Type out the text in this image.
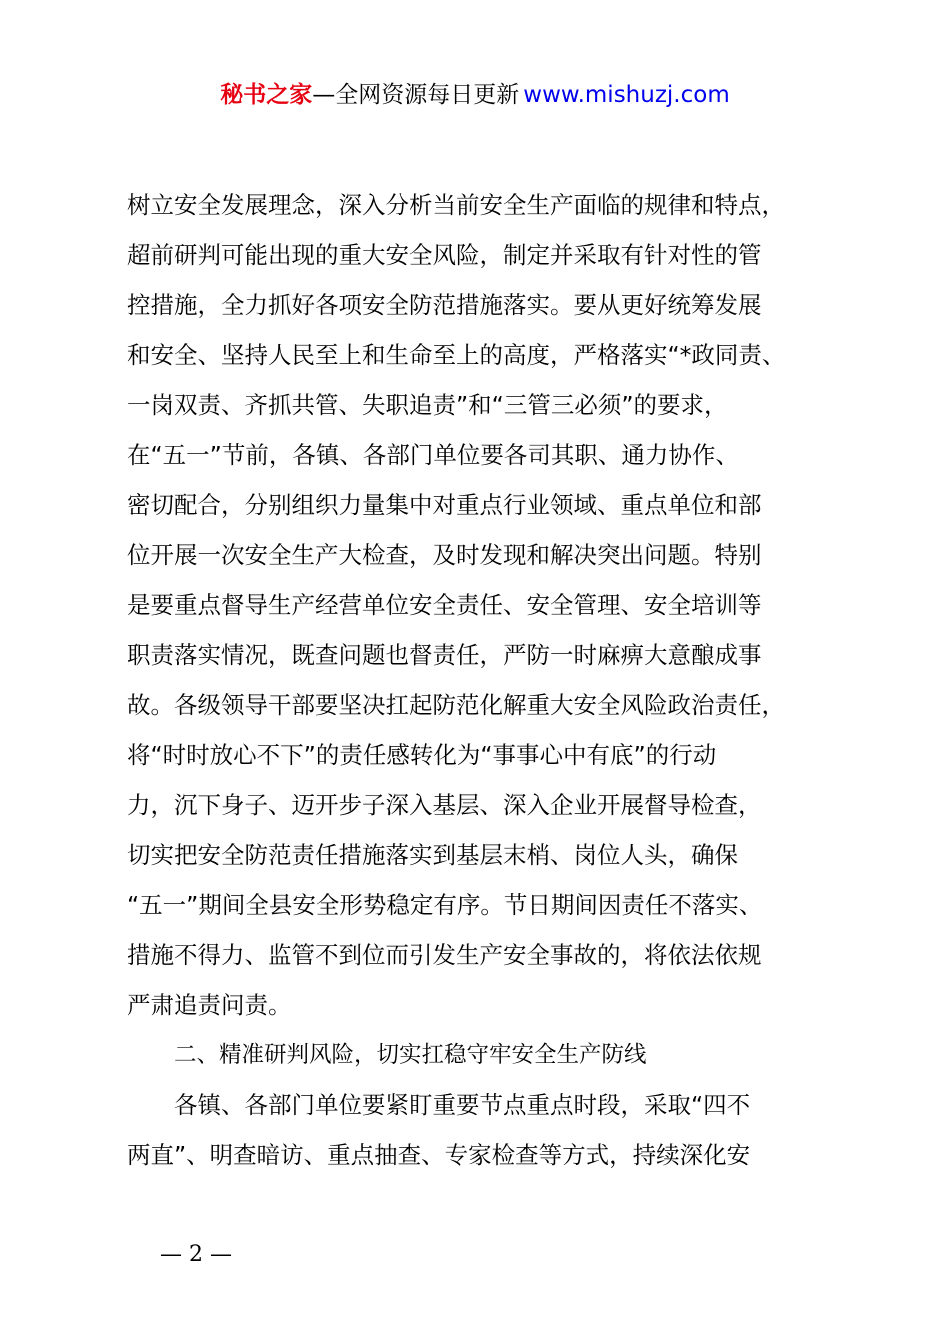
秘书之家—全网资源每日更新 www.mishuzj.com
树立安全发展理念，深入分析当前安全生产面临的规律和特点，
超前研判可能出现的重大安全风险，制定并采取有针对性的管
控措施，全力抓好各项安全防范措施落实。要从更好统筹发展
和安全、坚持人民至上和生命至上的高度，严格落实“*政同责、
一岗双责、齐抓共管、失职追责”和“三管三必须”的要求，
在“五一”节前，各镇、各部门单位要各司其职、通力协作、
密切配合，分别组织力量集中对重点行业领域、重点单位和部
位开展一次安全生产大检查，及时发现和解决突出问题。特别
是要重点督导生产经营单位安全责任、安全管理、安全培训等
职责落实情况，既查问题也督责任，严防一时麻痹大意酿成事
故。各级领导干部要坚决扛起防范化解重大安全风险政治责任，
将“时时放心不下”的责任感转化为“事事心中有底”的行动
力，沉下身子、迈开步子深入基层、深入企业开展督导检查，
切实把安全防范责任措施落实到基层末梢、岗位人头，确保
“五一”期间全县安全形势稳定有序。节日期间因责任不落实、
措施不得力、监管不到位而引发生产安全事故的，将依法依规
严肃追责问责。
二、精准研判风险，切实扛稳守牢安全生产防线
各镇、各部门单位要紧盯重要节点重点时段，采取“四不
两直”、明查暗访、重点抽查、专家检查等方式，持续深化安
— 2 —
